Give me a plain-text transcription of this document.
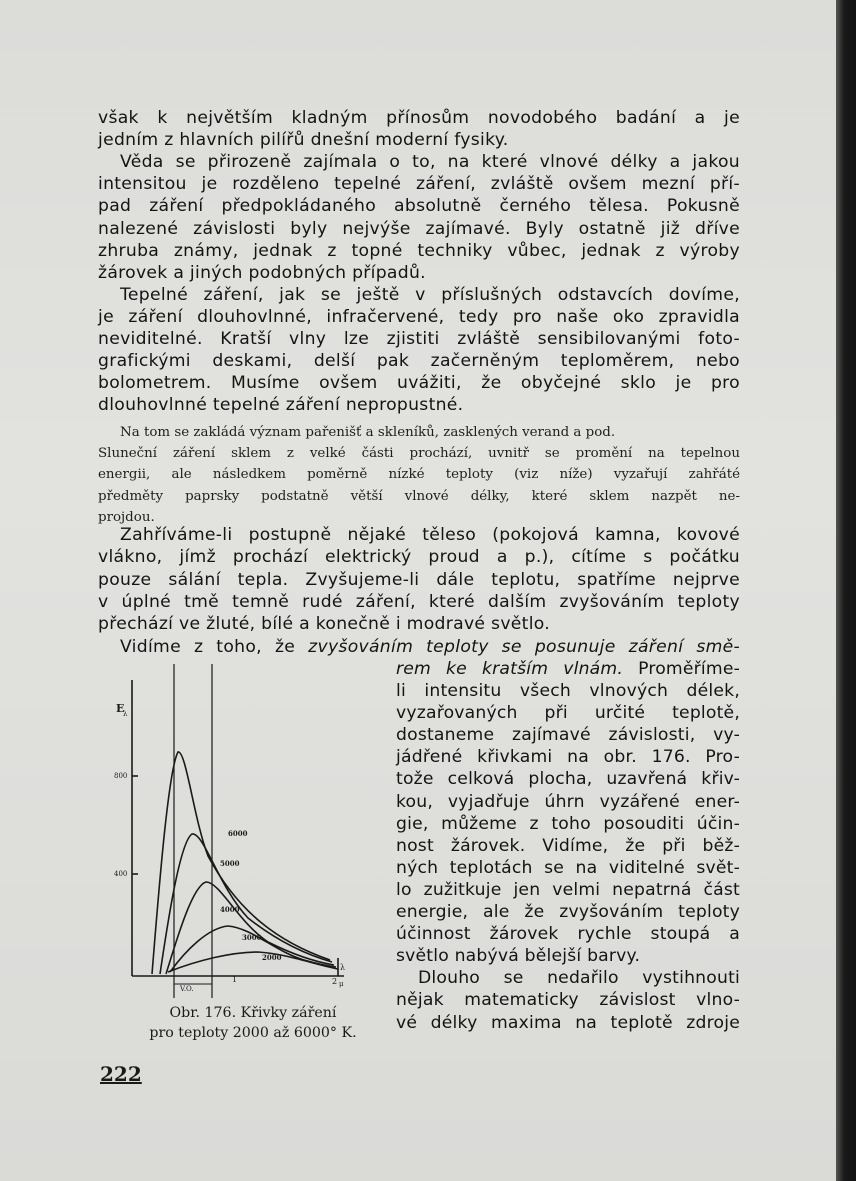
však k největším kladným přínosům novodobého badání a je
jedním z hlavních pilířů dnešní moderní fysiky.
Věda se přirozeně zajímala o to, na které vlnové délky a jakou
intensitou je rozděleno tepelné záření, zvláště ovšem mezní pří-
pad záření předpokládaného absolutně černého tělesa. Pokusně
nalezené závislosti byly nejvýše zajímavé. Byly ostatně již dříve
zhruba známy, jednak z topné techniky vůbec, jednak z výroby
žárovek a jiných podobných případů.
Tepelné záření, jak se ještě v příslušných odstavcích dovíme,
je záření dlouhovlnné, infračervené, tedy pro naše oko zpravidla
neviditelné. Kratší vlny lze zjistiti zvláště sensibilovanými foto-
grafickými deskami, delší pak začerněným teploměrem, nebo
bolometrem. Musíme ovšem uvážiti, že obyčejné sklo je pro
dlouhovlnné tepelné záření nepropustné.
Na tom se zakládá význam pařenišť a skleníků, zasklených verand a pod.
Sluneční záření sklem z velké části prochází, uvnitř se promění na tepelnou
energii, ale následkem poměrně nízké teploty (viz níže) vyzařují zahřáté
předměty paprsky podstatně větší vlnové délky, které sklem nazpět ne-
projdou.
Zahříváme-li postupně nějaké těleso (pokojová kamna, kovové
vlákno, jímž prochází elektrický proud a p.), cítíme s počátku
pouze sálání tepla. Zvyšujeme-li dále teplotu, spatříme nejprve
v úplné tmě temně rudé záření, které dalším zvyšováním teploty
přechází ve žluté, bílé a konečně i modravé světlo.
Vidíme z toho, že zvyšováním teploty se posunuje záření smě-
rem ke kratším vlnám. Proměříme-
li intensitu všech vlnových délek,
vyzařovaných při určité teplotě,
dostaneme zajímavé závislosti, vy-
jádřené křivkami na obr. 176. Pro-
tože celková plocha, uzavřená křiv-
kou, vyjadřuje úhrn vyzářené ener-
gie, můžeme z toho posouditi účin-
nost žárovek. Vidíme, že při běž-
ných teplotách se na viditelné svět-
lo zužitkuje jen velmi nepatrná část
energie, ale že zvyšováním teploty
účinnost žárovek rychle stoupá a
světlo nabývá bělejší barvy.
Dlouho se nedařilo vystihnouti
nějak matematicky závislost vlno-
vé délky maxima na teplotě zdroje
E
λ
800
400
6000
5000
4000
3000
2000
λ
V.O.
1	2 μ
Obr. 176. Křivky záření
pro teploty 2000 až 6000° K.
222
